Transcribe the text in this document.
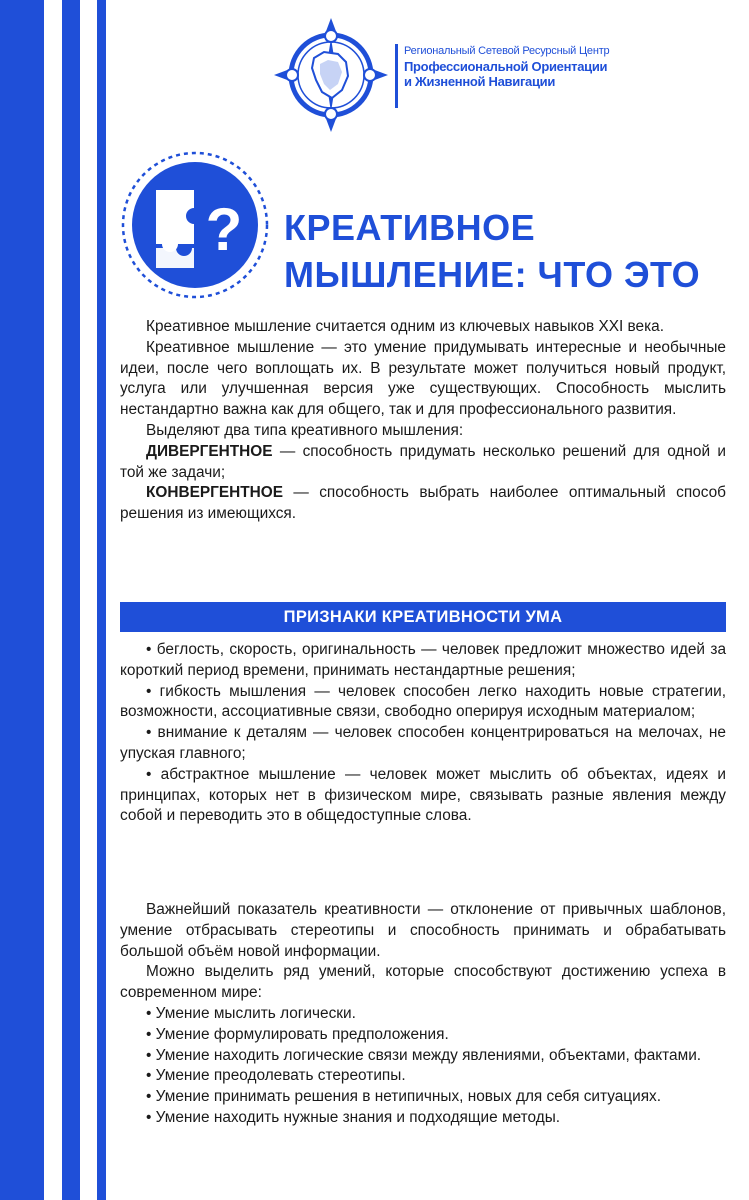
Региональный Сетевой Ресурсный Центр
Профессиональной Ориентации
и Жизненной Навигации
? КРЕАТИВНОЕ
МЫШЛЕНИЕ: ЧТО ЭТО

Креативное мышление считается одним из ключевых навыков XXI века.

Креативное мышление — это умение придумывать интересные и необычные идеи, после чего воплощать их. В результате может получиться новый продукт, услуга или улучшенная версия уже существующих. Способность мыслить нестандартно важна как для общего, так и для профессионального развития.

Выделяют два типа креативного мышления:

ДИВЕРГЕНТНОЕ — способность придумать несколько решений для одной и той же задачи;

КОНВЕРГЕНТНОЕ — способность выбрать наиболее оптимальный способ решения из имеющихся.

ПРИЗНАКИ КРЕАТИВНОСТИ УМА

• беглость, скорость, оригинальность — человек предложит множество идей за короткий период времени, принимать нестандартные решения;

• гибкость мышления — человек способен легко находить новые стратегии, возможности, ассоциативные связи, свободно оперируя исходным материалом;

• внимание к деталям — человек способен концентрироваться на мелочах, не упуская главного;

• абстрактное мышление — человек может мыслить об объектах, идеях и принципах, которых нет в физическом мире, связывать разные явления между собой и переводить это в общедоступные слова.

Важнейший показатель креативности — отклонение от привычных шаблонов, умение отбрасывать стереотипы и способность принимать и обрабатывать большой объём новой информации.

Можно выделить ряд умений, которые способствуют достижению успеха в современном мире:

• Умение мыслить логически.

• Умение формулировать предположения.

• Умение находить логические связи между явлениями, объектами, фактами.

• Умение преодолевать стереотипы.

• Умение принимать решения в нетипичных, новых для себя ситуациях.

• Умение находить нужные знания и подходящие методы.
